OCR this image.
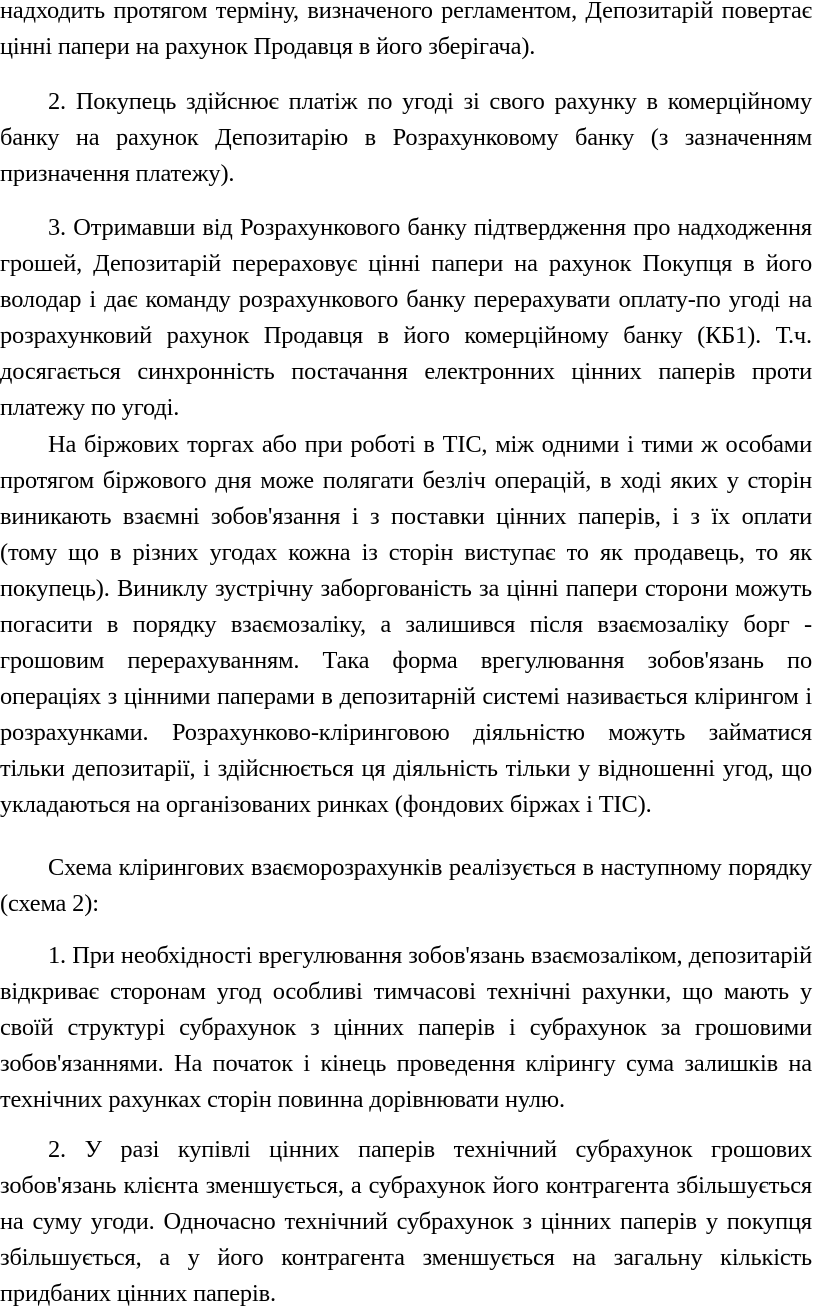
надходить протягом терміну, визначеного регламентом, Депозитарій повертає цінні папери на рахунок Продавця в його зберігача).

2. Покупець здійснює платіж по угоді зі свого рахунку в комерційному банку на рахунок Депозитарію в Розрахунковому банку (з зазначенням призначення платежу).

3. Отримавши від Розрахункового банку підтвердження про надходження грошей, Депозитарій перераховує цінні папери на рахунок Покупця в його володар і дає команду розрахункового банку перерахувати оплату-по угоді на розрахунковий рахунок Продавця в його комерційному банку (КБ1). Т.ч. досягається синхронність постачання електронних цінних паперів проти платежу по угоді.

На біржових торгах або при роботі в ТІС, між одними і тими ж особами протягом біржового дня може полягати безліч операцій, в ході яких у сторін виникають взаємні зобов'язання і з поставки цінних паперів, і з їх оплати (тому що в різних угодах кожна із сторін виступає то як продавець, то як покупець). Виниклу зустрічну заборгованість за цінні папери сторони можуть погасити в порядку взаємозаліку, а залишився після взаємозаліку борг - грошовим перерахуванням. Така форма врегулювання зобов'язань по операціях з цінними паперами в депозитарній системі називається клірингом і розрахунками. Розрахунково-кліринговою діяльністю можуть займатися тільки депозитарії, і здійснюється ця діяльність тільки у відношенні угод, що укладаються на організованих ринках (фондових біржах і ТІС).

Схема клірингових взаєморозрахунків реалізується в наступному порядку (схема 2):

1. При необхідності врегулювання зобов'язань взаємозаліком, депозитарій відкриває сторонам угод особливі тимчасові технічні рахунки, що мають у своїй структурі субрахунок з цінних паперів і субрахунок за грошовими зобов'язаннями. На початок і кінець проведення клірингу сума залишків на технічних рахунках сторін повинна дорівнювати нулю.

2. У разі купівлі цінних паперів технічний субрахунок грошових зобов'язань клієнта зменшується, а субрахунок його контрагента збільшується на суму угоди. Одночасно технічний субрахунок з цінних паперів у покупця збільшується, а у його контрагента зменшується на загальну кількість придбаних цінних паперів.
